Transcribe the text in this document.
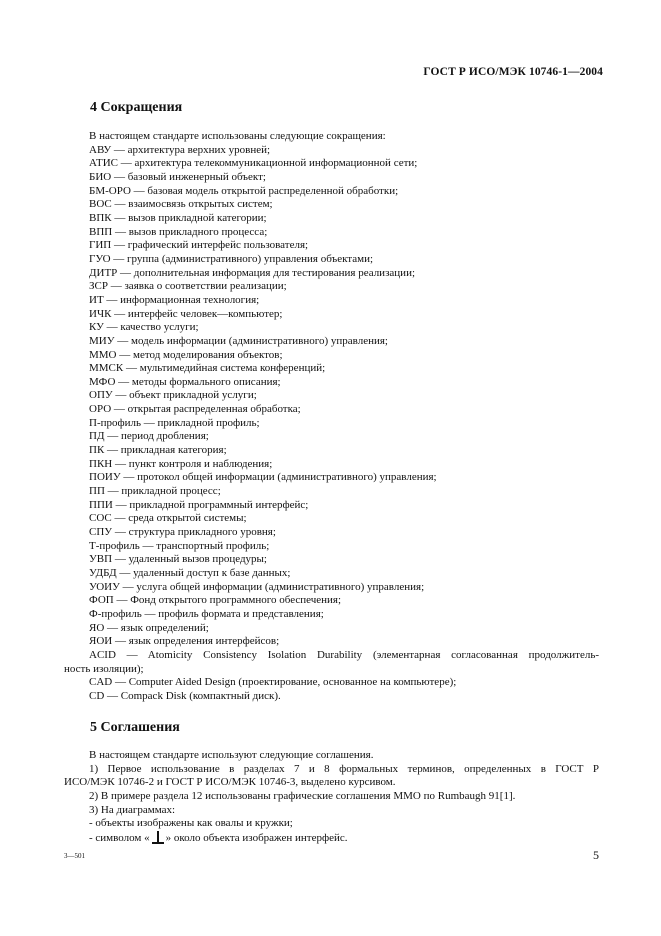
ГОСТ Р ИСО/МЭК 10746-1—2004
4 Сокращения
В настоящем стандарте использованы следующие сокращения:
АВУ — архитектура верхних уровней;
АТИС — архитектура телекоммуникационной информационной сети;
БИО — базовый инженерный объект;
БМ-ОРО — базовая модель открытой распределенной обработки;
ВОС — взаимосвязь открытых систем;
ВПК — вызов прикладной категории;
ВПП — вызов прикладного процесса;
ГИП — графический интерфейс пользователя;
ГУО — группа (административного) управления объектами;
ДИТР — дополнительная информация для тестирования реализации;
ЗСР — заявка о соответствии реализации;
ИТ — информационная технология;
ИЧК — интерфейс человек—компьютер;
КУ — качество услуги;
МИУ — модель информации (административного) управления;
ММО — метод моделирования объектов;
ММСК — мультимедийная система конференций;
МФО — методы формального описания;
ОПУ — объект прикладной услуги;
ОРО — открытая распределенная обработка;
П-профиль — прикладной профиль;
ПД — период дробления;
ПК — прикладная категория;
ПКН — пункт контроля и наблюдения;
ПОИУ — протокол общей информации (административного) управления;
ПП — прикладной процесс;
ППИ — прикладной программный интерфейс;
СОС — среда открытой системы;
СПУ — структура прикладного уровня;
Т-профиль — транспортный профиль;
УВП — удаленный вызов процедуры;
УДБД — удаленный доступ к базе данных;
УОИУ — услуга общей информации (административного) управления;
ФОП — Фонд открытого программного обеспечения;
Ф-профиль — профиль формата и представления;
ЯО — язык определений;
ЯОИ — язык определения интерфейсов;
ACID — Atomicity Consistency Isolation Durability (элементарная согласованная продолжитель-
ность изоляции);
CAD — Computer Aided Design (проектирование, основанное на компьютере);
CD — Compack Disk (компактный диск).
5 Соглашения
В настоящем стандарте используют следующие соглашения.
1) Первое использование в разделах 7 и 8 формальных терминов, определенных в ГОСТ Р
ИСО/МЭК 10746-2 и ГОСТ Р ИСО/МЭК 10746-3, выделено курсивом.
2) В примере раздела 12 использованы графические соглашения ММО по Rumbaugh 91[1].
3) На диаграммах:
- объекты изображены как овалы и кружки;
- символом « » около объекта изображен интерфейс.
3—501	5
